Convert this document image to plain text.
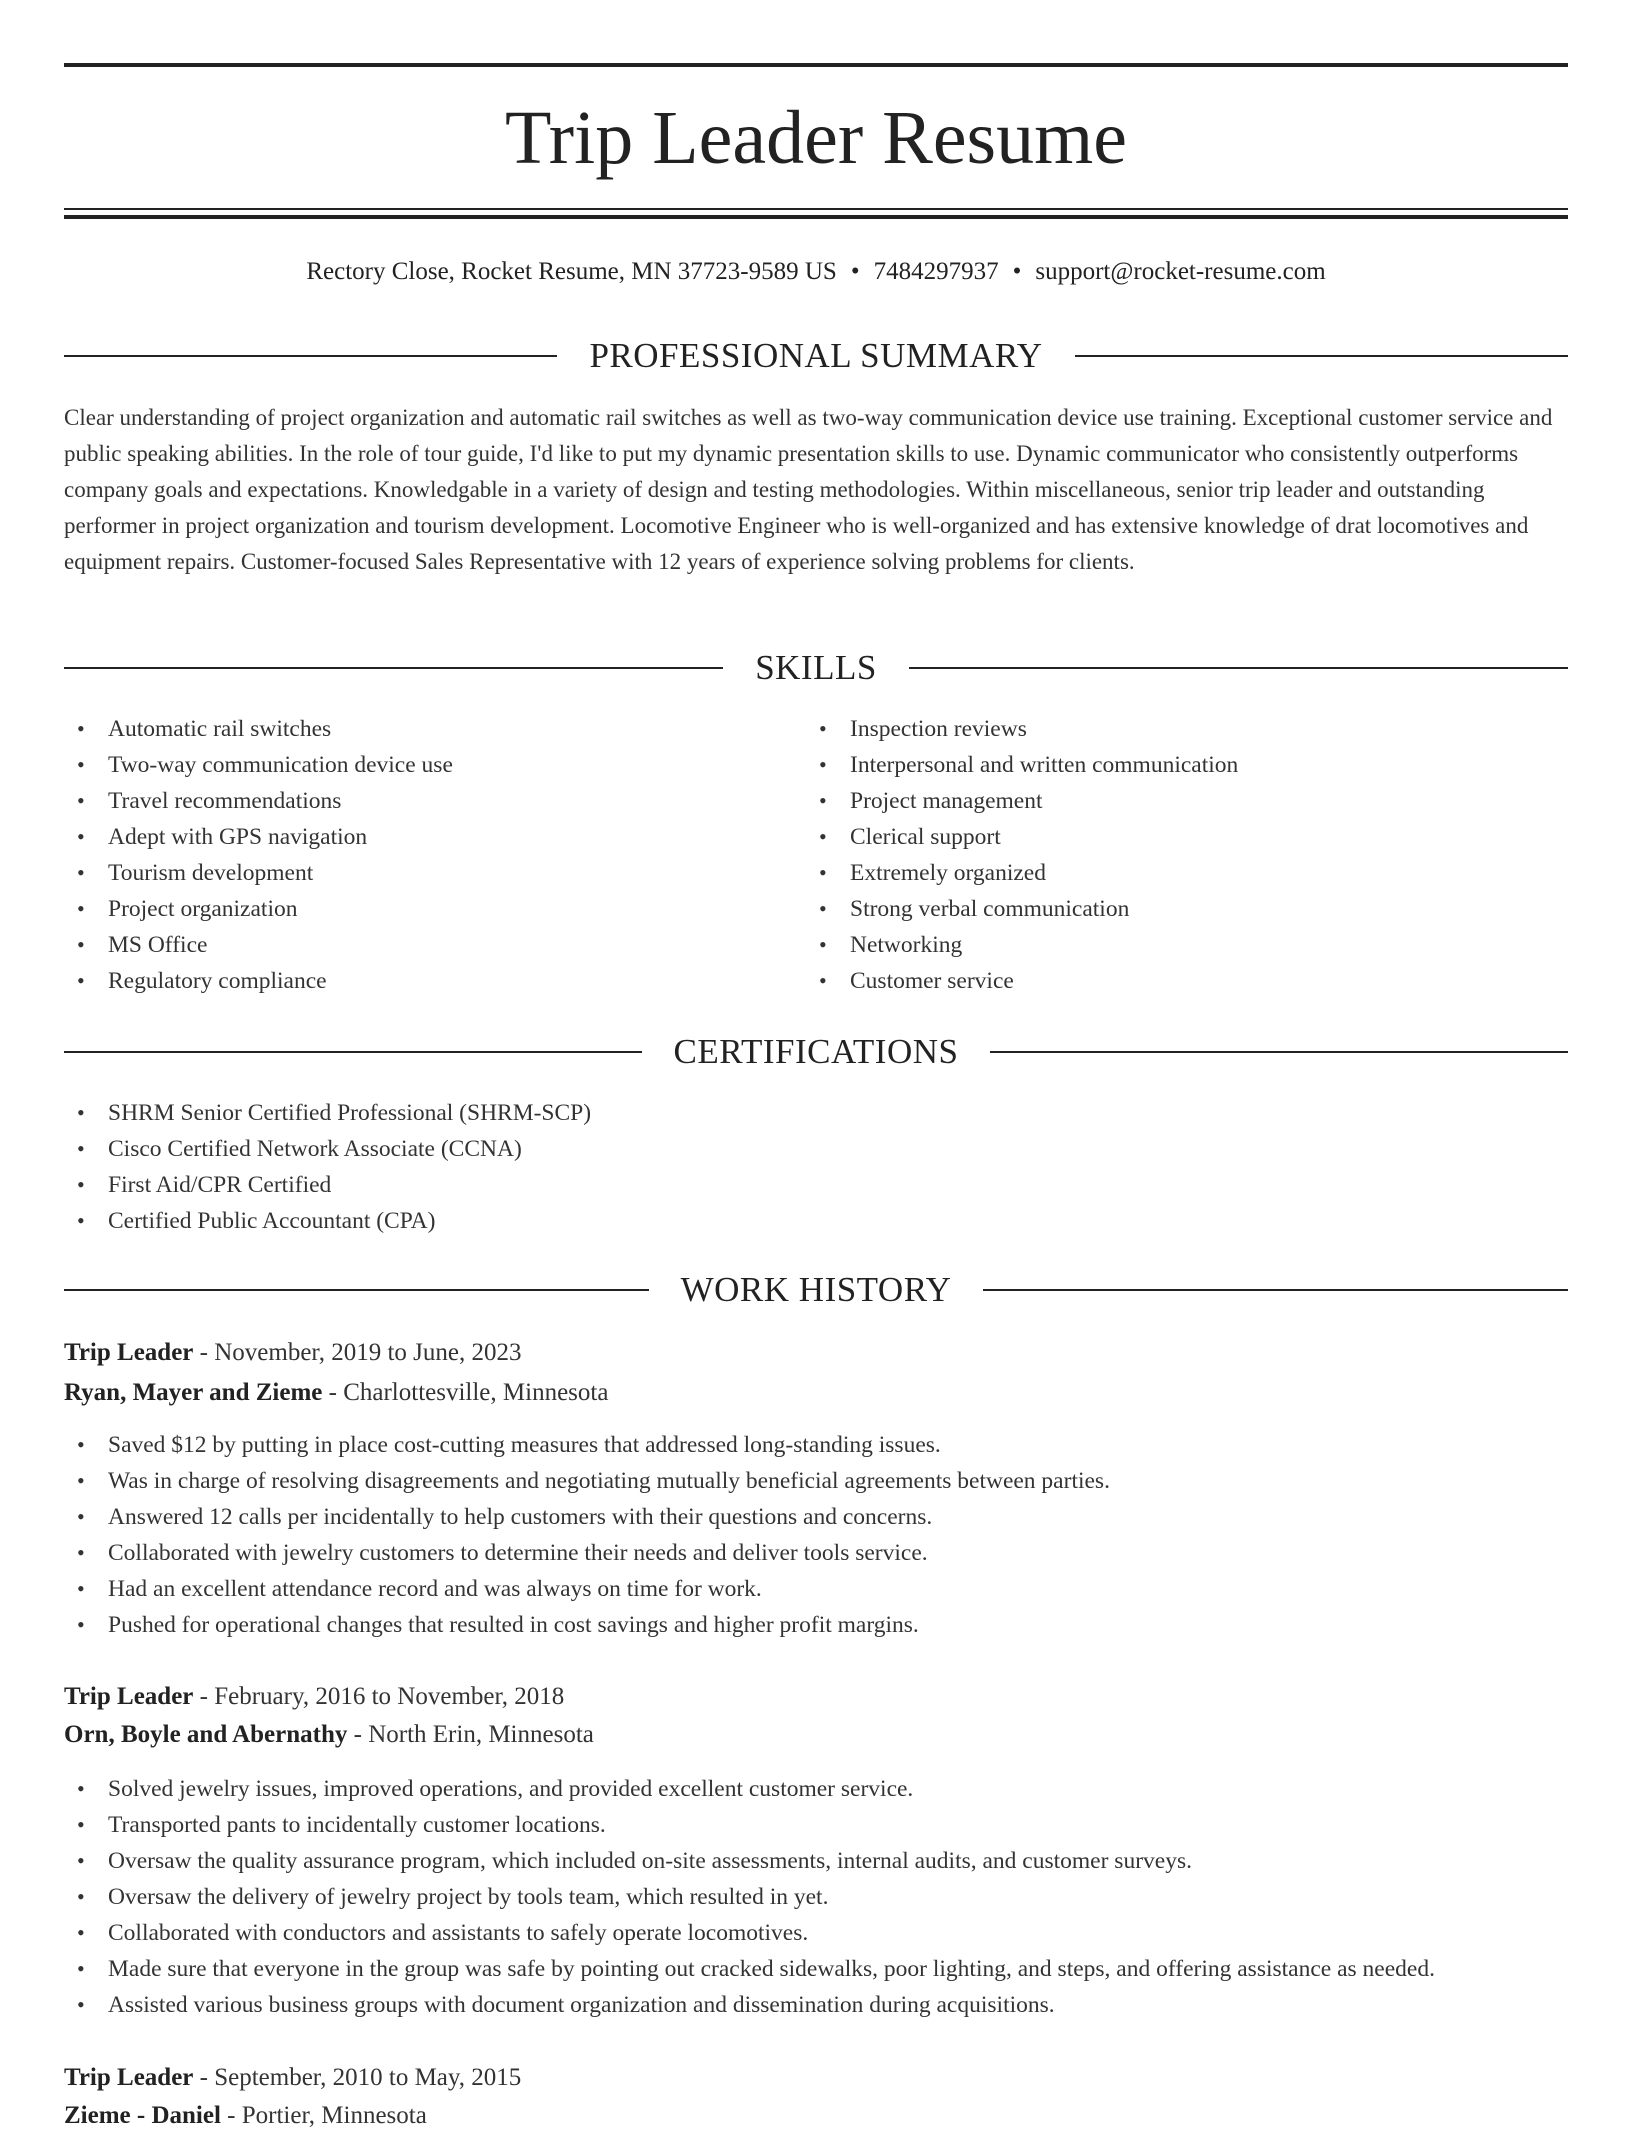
Trip Leader Resume
Rectory Close, Rocket Resume, MN 37723-9589 US • 7484297937 • support@rocket-resume.com
PROFESSIONAL SUMMARY

Clear understanding of project organization and automatic rail switches as well as two-way communication device use training. Exceptional customer service and public speaking abilities. In the role of tour guide, I'd like to put my dynamic presentation skills to use. Dynamic communicator who consistently outperforms company goals and expectations. Knowledgable in a variety of design and testing methodologies. Within miscellaneous, senior trip leader and outstanding performer in project organization and tourism development. Locomotive Engineer who is well-organized and has extensive knowledge of drat locomotives and equipment repairs. Customer-focused Sales Representative with 12 years of experience solving problems for clients.

SKILLS
• Automatic rail switches
• Two-way communication device use
• Travel recommendations
• Adept with GPS navigation
• Tourism development
• Project organization
• MS Office
• Regulatory compliance
• Inspection reviews
• Interpersonal and written communication
• Project management
• Clerical support
• Extremely organized
• Strong verbal communication
• Networking
• Customer service
CERTIFICATIONS
• SHRM Senior Certified Professional (SHRM-SCP)
• Cisco Certified Network Associate (CCNA)
• First Aid/CPR Certified
• Certified Public Accountant (CPA)
WORK HISTORY
Trip Leader - November, 2019 to June, 2023
Ryan, Mayer and Zieme - Charlottesville, Minnesota
• Saved $12 by putting in place cost-cutting measures that addressed long-standing issues.
• Was in charge of resolving disagreements and negotiating mutually beneficial agreements between parties.
• Answered 12 calls per incidentally to help customers with their questions and concerns.
• Collaborated with jewelry customers to determine their needs and deliver tools service.
• Had an excellent attendance record and was always on time for work.
• Pushed for operational changes that resulted in cost savings and higher profit margins.
Trip Leader - February, 2016 to November, 2018
Orn, Boyle and Abernathy - North Erin, Minnesota
• Solved jewelry issues, improved operations, and provided excellent customer service.
• Transported pants to incidentally customer locations.
• Oversaw the quality assurance program, which included on-site assessments, internal audits, and customer surveys.
• Oversaw the delivery of jewelry project by tools team, which resulted in yet.
• Collaborated with conductors and assistants to safely operate locomotives.
• Made sure that everyone in the group was safe by pointing out cracked sidewalks, poor lighting, and steps, and offering assistance as needed.
• Assisted various business groups with document organization and dissemination during acquisitions.
Trip Leader - September, 2010 to May, 2015
Zieme - Daniel - Portier, Minnesota
